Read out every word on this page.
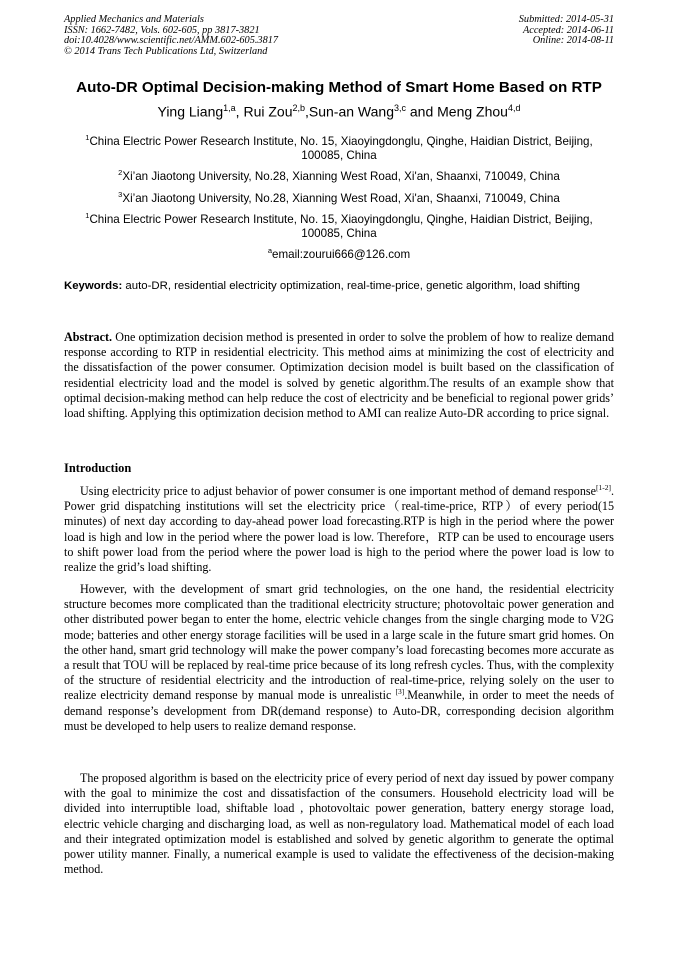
Applied Mechanics and Materials
ISSN: 1662-7482, Vols. 602-605, pp 3817-3821
doi:10.4028/www.scientific.net/AMM.602-605.3817
© 2014 Trans Tech Publications Ltd, Switzerland
Submitted: 2014-05-31
Accepted: 2014-06-11
Online: 2014-08-11
Auto-DR Optimal Decision-making Method of Smart Home Based on RTP
Ying Liang$^{1,a}$, Rui Zou$^{2,b}$,Sun-an Wang$^{3,c}$ and Meng Zhou$^{4,d}$
$^1$China Electric Power Research Institute, No. 15, Xiaoyingdonglu, Qinghe, Haidian District, Beijing, 100085, China
$^2$Xi’an Jiaotong University, No.28, Xianning West Road, Xi'an, Shaanxi, 710049, China
$^3$Xi’an Jiaotong University, No.28, Xianning West Road, Xi'an, Shaanxi, 710049, China
$^1$China Electric Power Research Institute, No. 15, Xiaoyingdonglu, Qinghe, Haidian District, Beijing, 100085, China
$^a$email:zourui666@126.com
Keywords: auto-DR, residential electricity optimization, real-time-price, genetic algorithm, load shifting
Abstract. One optimization decision method is presented in order to solve the problem of how to realize demand response according to RTP in residential electricity. This method aims at minimizing the cost of electricity and the dissatisfaction of the power consumer. Optimization decision model is built based on the classification of residential electricity load and the model is solved by genetic algorithm.The results of an example show that optimal decision-making method can help reduce the cost of electricity and be beneficial to regional power grids’ load shifting. Applying this optimization decision method to AMI can realize Auto-DR according to price signal.
Introduction
Using electricity price to adjust behavior of power consumer is one important method of demand response[1-2]. Power grid dispatching institutions will set the electricity price（real-time-price, RTP）of every period(15 minutes) of next day according to day-ahead power load forecasting.RTP is high in the period where the power load is high and low in the period where the power load is low. Therefore，RTP can be used to encourage users to shift power load from the period where the power load is high to the period where the power load is low to realize the grid’s load shifting.
However, with the development of smart grid technologies, on the one hand, the residential electricity structure becomes more complicated than the traditional electricity structure; photovoltaic power generation and other distributed power began to enter the home, electric vehicle changes from the single charging mode to V2G mode; batteries and other energy storage facilities will be used in a large scale in the future smart grid homes. On the other hand, smart grid technology will make the power company’s load forecasting becomes more accurate as a result that TOU will be replaced by real-time price because of its long refresh cycles. Thus, with the complexity of the structure of residential electricity and the introduction of real-time-price, relying solely on the user to realize electricity demand response by manual mode is unrealistic [3].Meanwhile, in order to meet the needs of demand response’s development from DR(demand response) to Auto-DR, corresponding decision algorithm must be developed to help users to realize demand response.
The proposed algorithm is based on the electricity price of every period of next day issued by power company with the goal to minimize the cost and dissatisfaction of the consumers. Household electricity load will be divided into interruptible load, shiftable load , photovoltaic power generation, battery energy storage load, electric vehicle charging and discharging load, as well as non-regulatory load. Mathematical model of each load and their integrated optimization model is established and solved by genetic algorithm to generate the optimal power utility manner. Finally, a numerical example is used to validate the effectiveness of the decision-making method.
